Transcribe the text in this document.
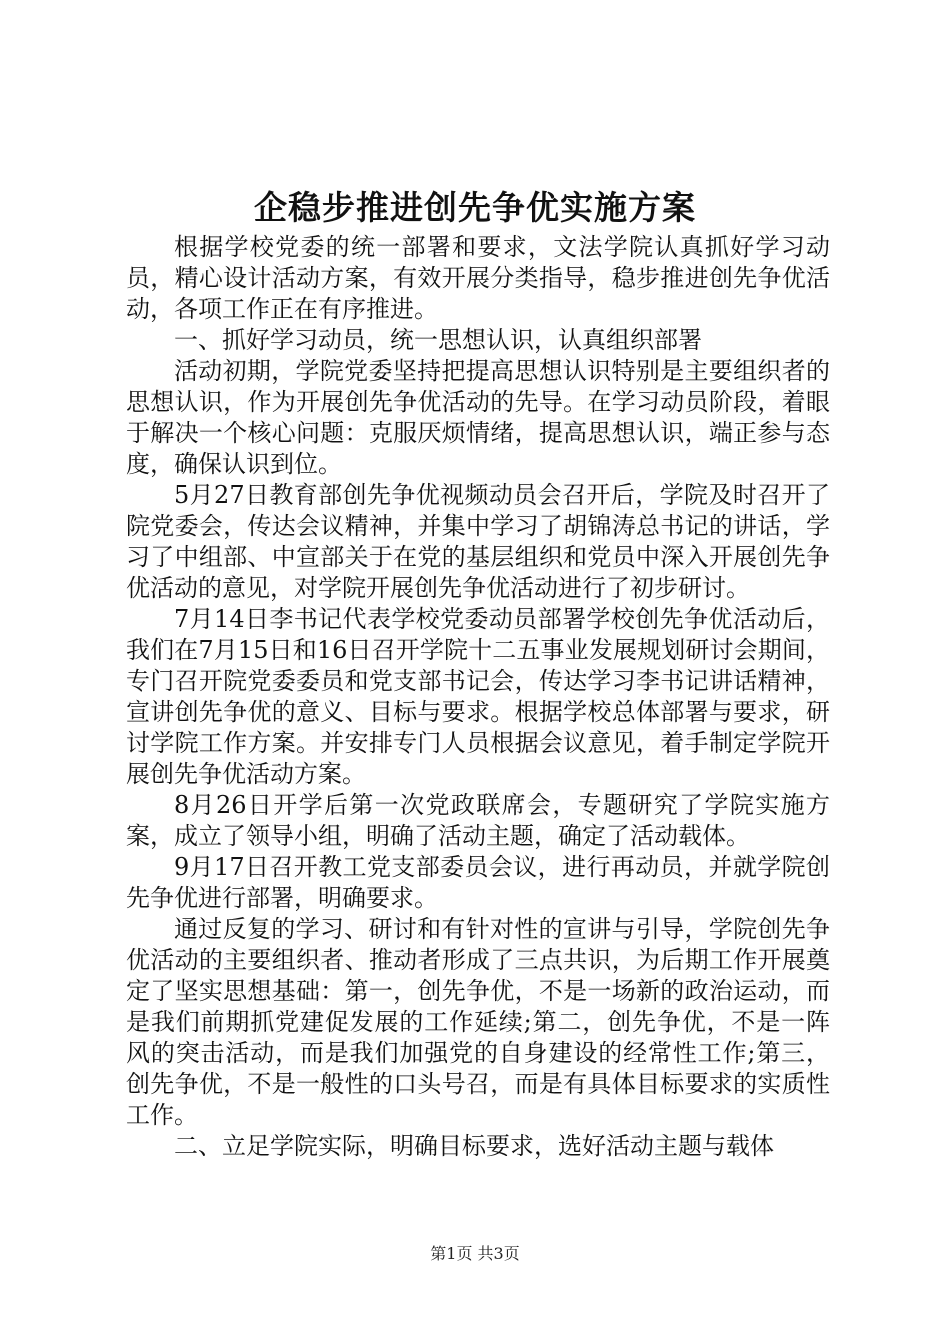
企稳步推进创先争优实施方案

根据学校党委的统一部署和要求，文法学院认真抓好学习动员，精心设计活动方案，有效开展分类指导，稳步推进创先争优活动，各项工作正在有序推进。

一、抓好学习动员，统一思想认识，认真组织部署

活动初期，学院党委坚持把提高思想认识特别是主要组织者的思想认识，作为开展创先争优活动的先导。在学习动员阶段，着眼于解决一个核心问题：克服厌烦情绪，提高思想认识，端正参与态度，确保认识到位。

5月27日教育部创先争优视频动员会召开后，学院及时召开了院党委会，传达会议精神，并集中学习了胡锦涛总书记的讲话，学习了中组部、中宣部关于在党的基层组织和党员中深入开展创先争优活动的意见，对学院开展创先争优活动进行了初步研讨。

7月14日李书记代表学校党委动员部署学校创先争优活动后，我们在7月15日和16日召开学院十二五事业发展规划研讨会期间，专门召开院党委委员和党支部书记会，传达学习李书记讲话精神，宣讲创先争优的意义、目标与要求。根据学校总体部署与要求，研讨学院工作方案。并安排专门人员根据会议意见，着手制定学院开展创先争优活动方案。

8月26日开学后第一次党政联席会，专题研究了学院实施方案，成立了领导小组，明确了活动主题，确定了活动载体。

9月17日召开教工党支部委员会议，进行再动员，并就学院创先争优进行部署，明确要求。

通过反复的学习、研讨和有针对性的宣讲与引导，学院创先争优活动的主要组织者、推动者形成了三点共识，为后期工作开展奠定了坚实思想基础：第一，创先争优，不是一场新的政治运动，而是我们前期抓党建促发展的工作延续;第二，创先争优，不是一阵风的突击活动，而是我们加强党的自身建设的经常性工作;第三，创先争优，不是一般性的口头号召，而是有具体目标要求的实质性工作。

二、立足学院实际，明确目标要求，选好活动主题与载体

第1页 共3页
